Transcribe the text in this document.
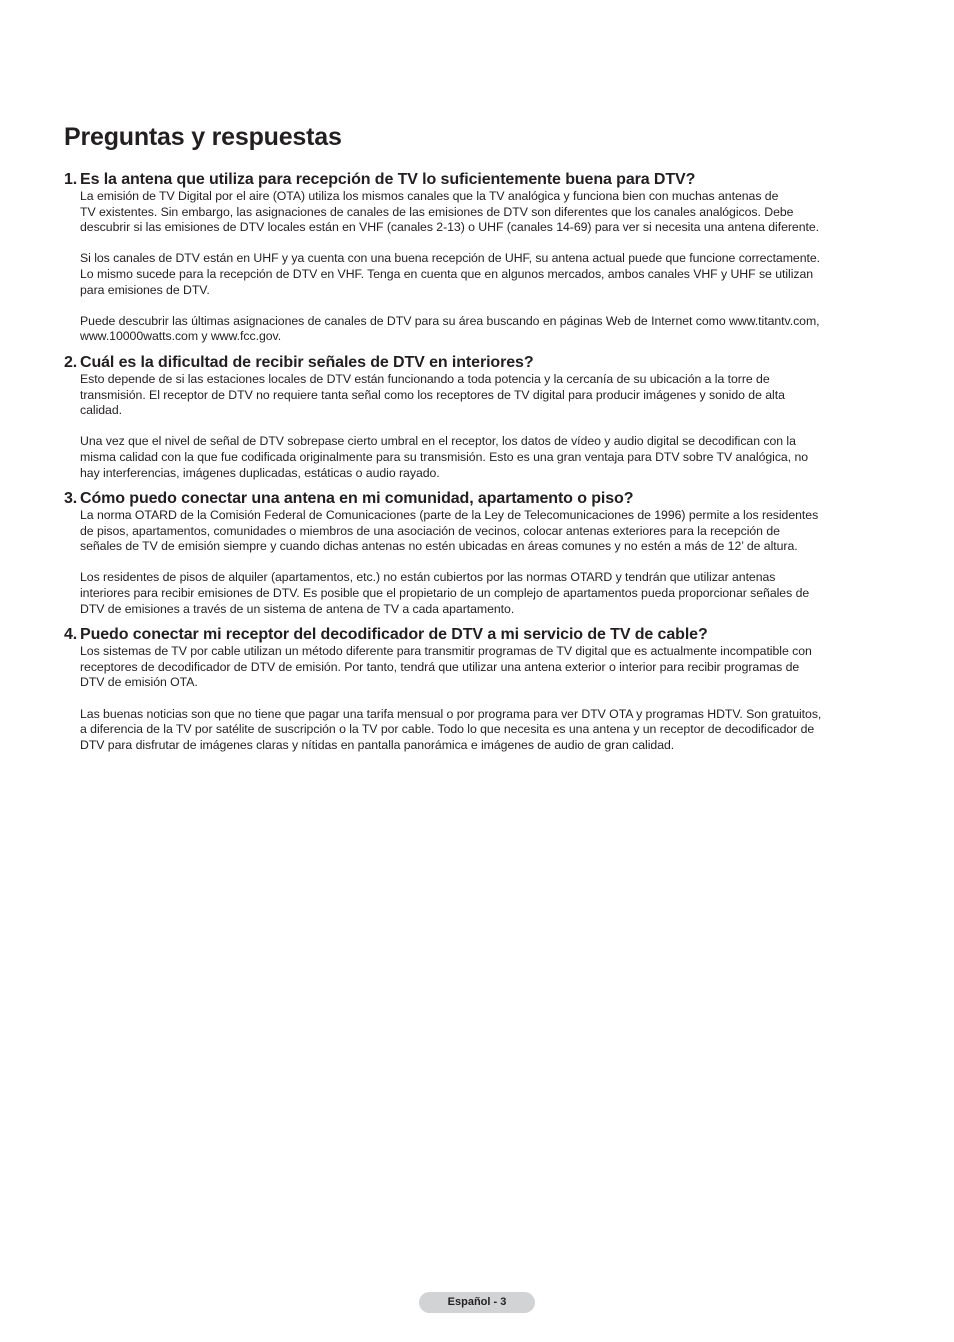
Preguntas y respuestas
1. Es la antena que utiliza para recepción de TV lo suficientemente buena para DTV?

La emisión de TV Digital por el aire (OTA) utiliza los mismos canales que la TV analógica y funciona bien con muchas antenas de
TV existentes. Sin embargo, las asignaciones de canales de las emisiones de DTV son diferentes que los canales analógicos. Debe
descubrir si las emisiones de DTV locales están en VHF (canales 2-13) o UHF (canales 14-69) para ver si necesita una antena diferente.

Si los canales de DTV están en UHF y ya cuenta con una buena recepción de UHF, su antena actual puede que funcione correctamente.
Lo mismo sucede para la recepción de DTV en VHF. Tenga en cuenta que en algunos mercados, ambos canales VHF y UHF se utilizan
para emisiones de DTV.

Puede descubrir las últimas asignaciones de canales de DTV para su área buscando en páginas Web de Internet como www.titantv.com,
www.10000watts.com y www.fcc.gov.

2. Cuál es la dificultad de recibir señales de DTV en interiores?

Esto depende de si las estaciones locales de DTV están funcionando a toda potencia y la cercanía de su ubicación a la torre de
transmisión. El receptor de DTV no requiere tanta señal como los receptores de TV digital para producir imágenes y sonido de alta
calidad.

Una vez que el nivel de señal de DTV sobrepase cierto umbral en el receptor, los datos de vídeo y audio digital se decodifican con la
misma calidad con la que fue codificada originalmente para su transmisión. Esto es una gran ventaja para DTV sobre TV analógica, no
hay interferencias, imágenes duplicadas, estáticas o audio rayado.

3. Cómo puedo conectar una antena en mi comunidad, apartamento o piso?

La norma OTARD de la Comisión Federal de Comunicaciones (parte de la Ley de Telecomunicaciones de 1996) permite a los residentes
de pisos, apartamentos, comunidades o miembros de una asociación de vecinos, colocar antenas exteriores para la recepción de
señales de TV de emisión siempre y cuando dichas antenas no estén ubicadas en áreas comunes y no estén a más de 12’ de altura.

Los residentes de pisos de alquiler (apartamentos, etc.) no están cubiertos por las normas OTARD y tendrán que utilizar antenas
interiores para recibir emisiones de DTV. Es posible que el propietario de un complejo de apartamentos pueda proporcionar señales de
DTV de emisiones a través de un sistema de antena de TV a cada apartamento.

4. Puedo conectar mi receptor del decodificador de DTV a mi servicio de TV de cable?

Los sistemas de TV por cable utilizan un método diferente para transmitir programas de TV digital que es actualmente incompatible con
receptores de decodificador de DTV de emisión. Por tanto, tendrá que utilizar una antena exterior o interior para recibir programas de
DTV de emisión OTA.

Las buenas noticias son que no tiene que pagar una tarifa mensual o por programa para ver DTV OTA y programas HDTV. Son gratuitos,
a diferencia de la TV por satélite de suscripción o la TV por cable. Todo lo que necesita es una antena y un receptor de decodificador de
DTV para disfrutar de imágenes claras y nítidas en pantalla panorámica e imágenes de audio de gran calidad.

Español - 3
